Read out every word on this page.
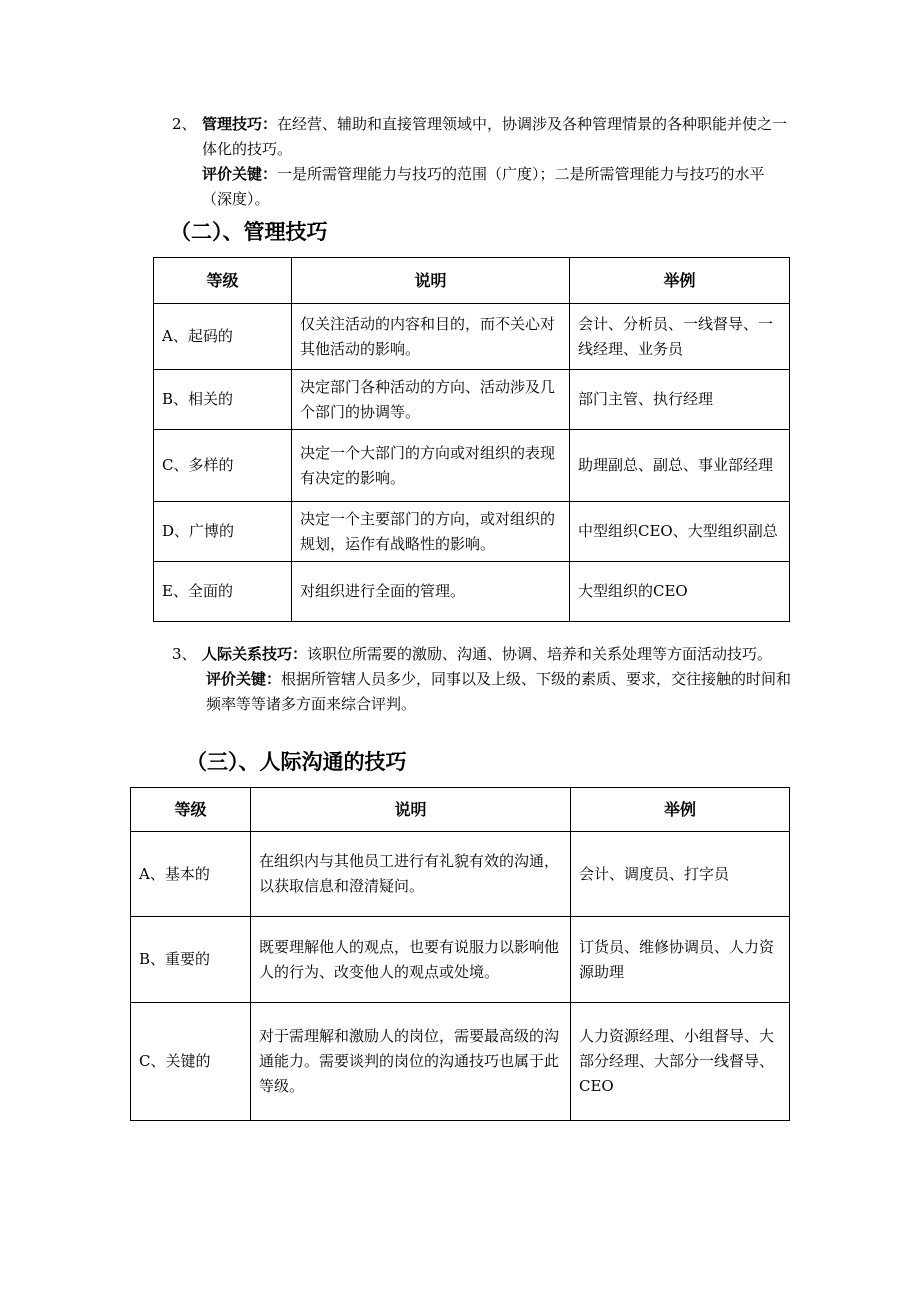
2、 管理技巧：在经营、辅助和直接管理领域中，协调涉及各种管理情景的各种职能并使之一体化的技巧。
评价关键：一是所需管理能力与技巧的范围（广度）；二是所需管理能力与技巧的水平（深度）。
（二）、管理技巧
等级	说明	举例
A、起码的	仅关注活动的内容和目的，而不关心对其他活动的影响。	会计、分析员、一线督导、一线经理、业务员
B、相关的	决定部门各种活动的方向、活动涉及几个部门的协调等。	部门主管、执行经理
C、多样的	决定一个大部门的方向或对组织的表现有决定的影响。	助理副总、副总、事业部经理
D、广博的	决定一个主要部门的方向，或对组织的规划，运作有战略性的影响。	中型组织CEO、大型组织副总
E、全面的	对组织进行全面的管理。	大型组织的CEO
3、 人际关系技巧：该职位所需要的激励、沟通、协调、培养和关系处理等方面活动技巧。
评价关键：根据所管辖人员多少，同事以及上级、下级的素质、要求，交往接触的时间和频率等等诸多方面来综合评判。
（三）、人际沟通的技巧
等级	说明	举例
A、基本的	在组织内与其他员工进行有礼貌有效的沟通，以获取信息和澄清疑问。	会计、调度员、打字员
B、重要的	既要理解他人的观点，也要有说服力以影响他人的行为、改变他人的观点或处境。	订货员、维修协调员、人力资源助理
C、关键的	对于需理解和激励人的岗位，需要最高级的沟通能力。需要谈判的岗位的沟通技巧也属于此等级。	人力资源经理、小组督导、大部分经理、大部分一线督导、CEO
